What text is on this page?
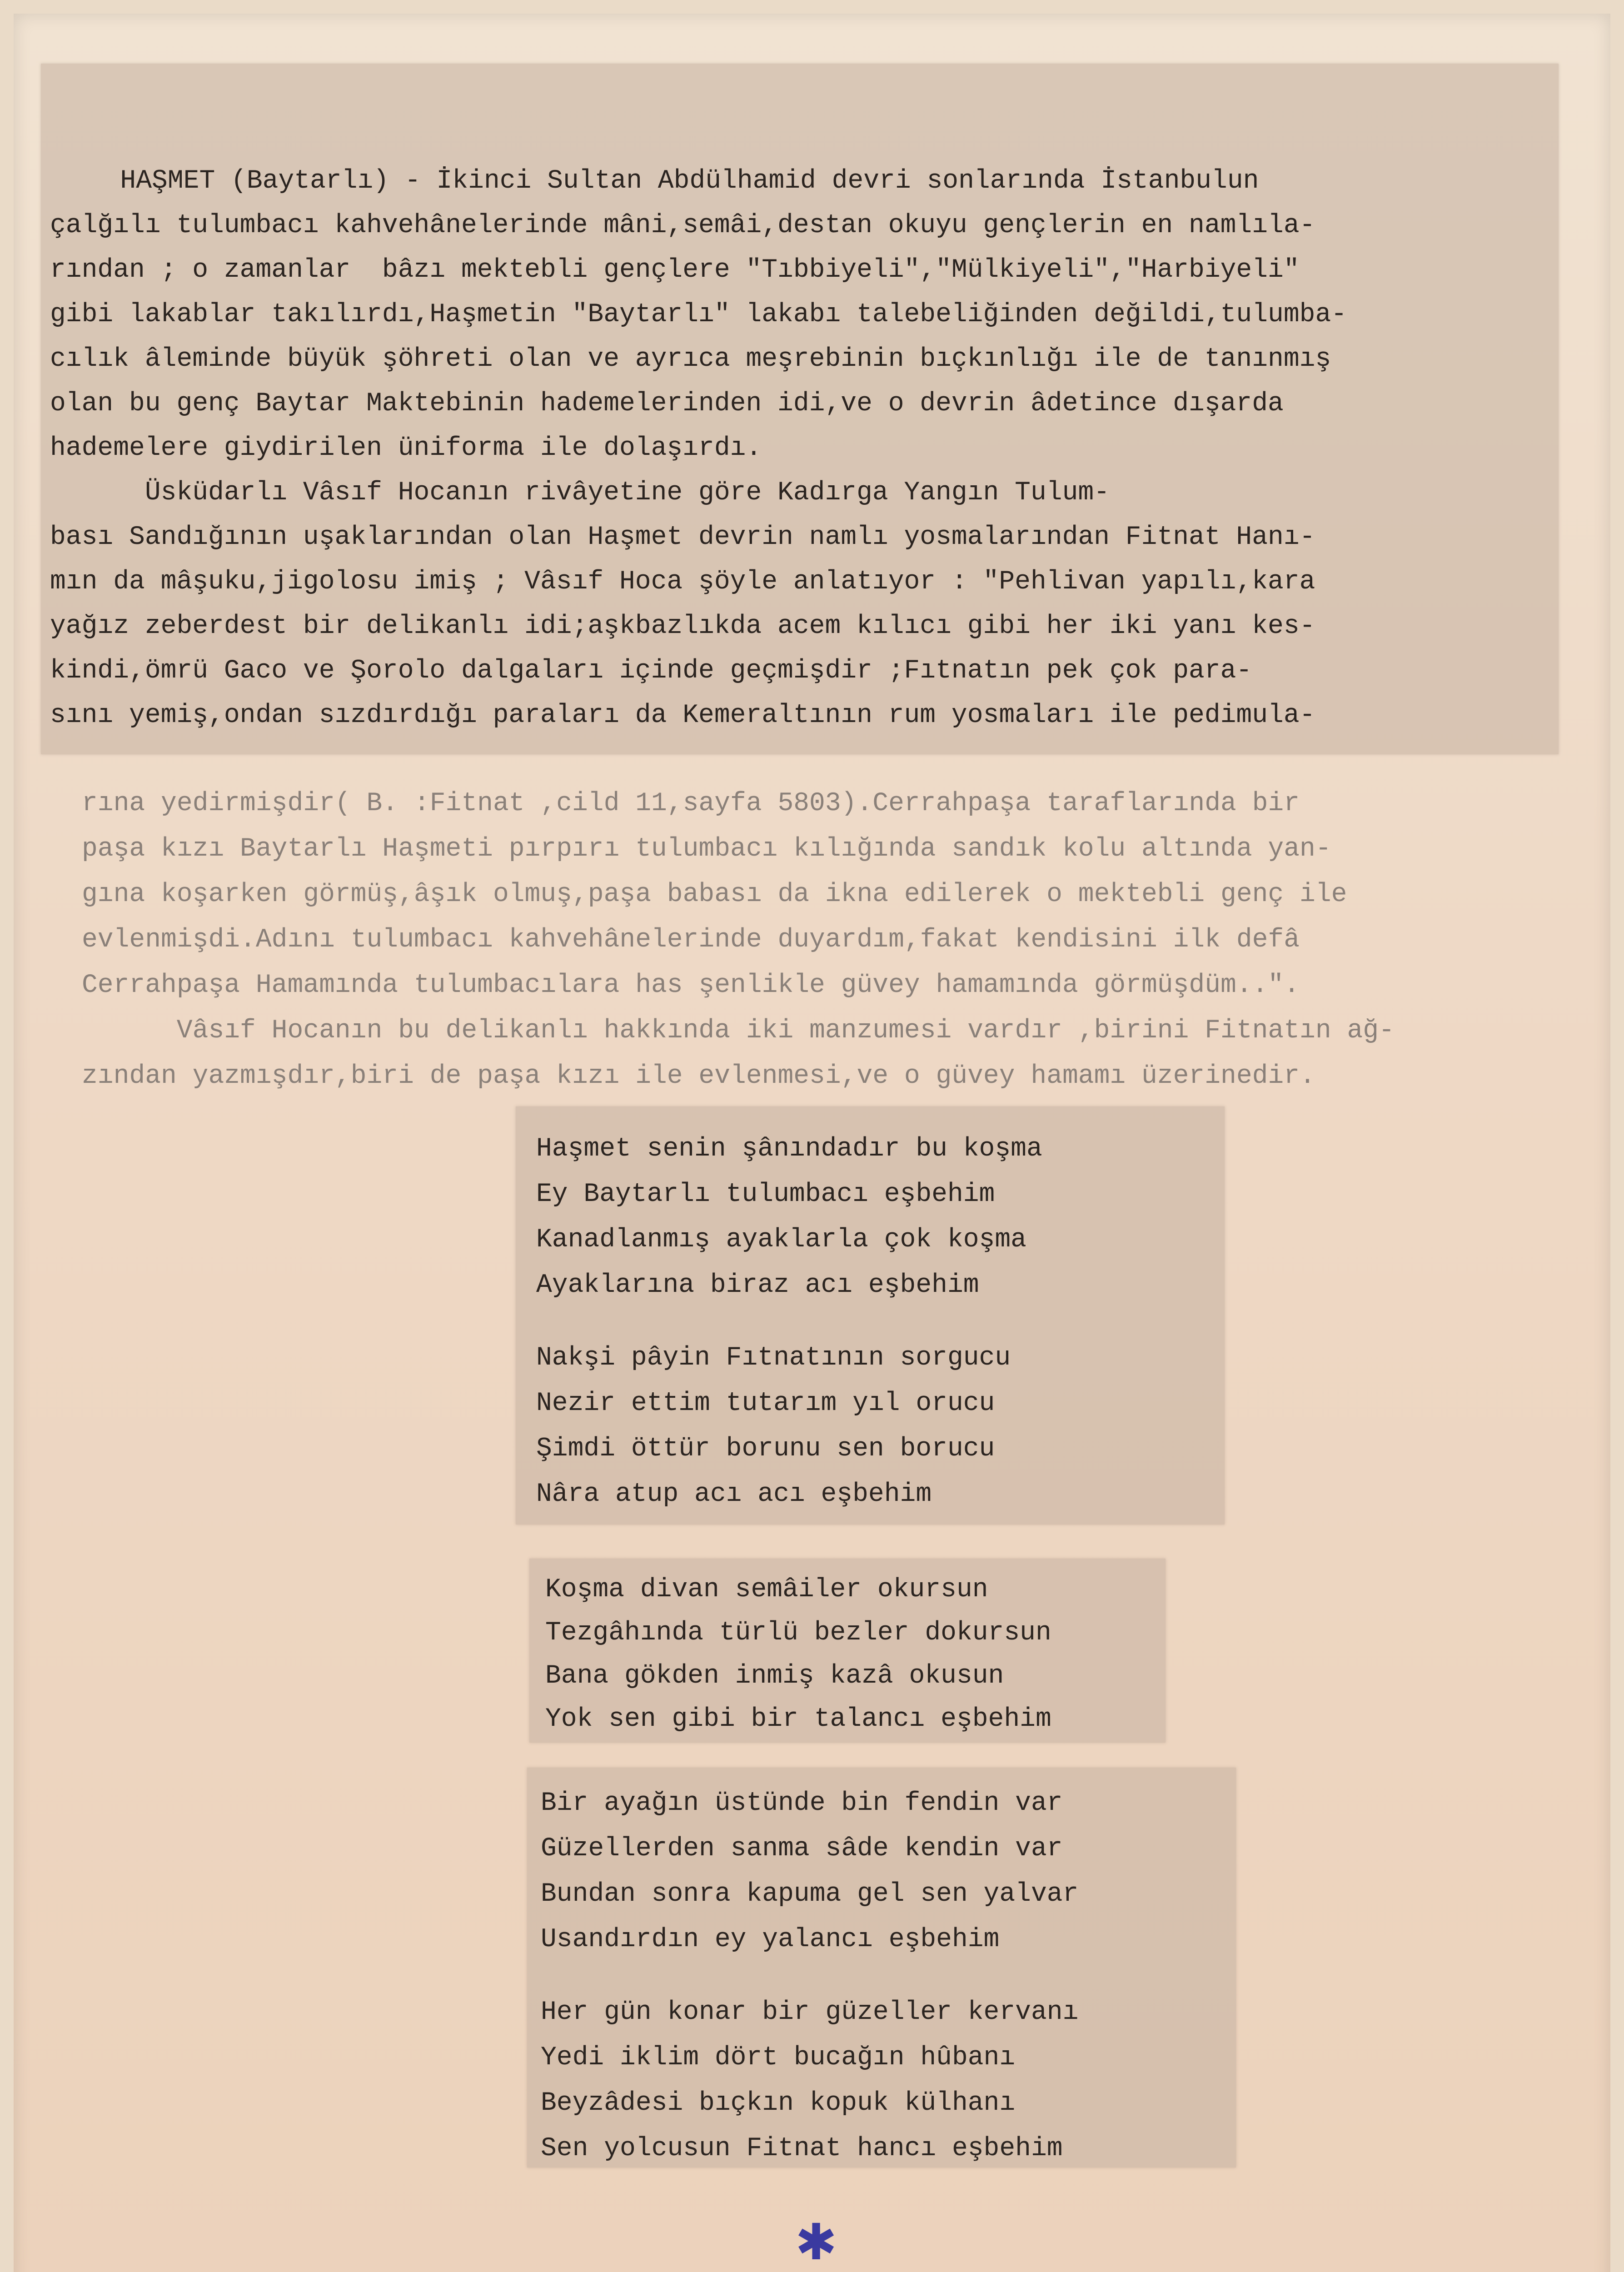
HAŞMET (Baytarlı) - İkinci Sultan Abdülhamid devri sonlarında İstanbulun
çalğılı tulumbacı kahvehânelerinde mâni,semâi,destan okuyu gençlerin en namlıla-
rından ; o zamanlar  bâzı mektebli gençlere "Tıbbiyeli","Mülkiyeli","Harbiyeli"
gibi lakablar takılırdı,Haşmetin "Baytarlı" lakabı talebeliğinden değildi,tulumba-
cılık âleminde büyük şöhreti olan ve ayrıca meşrebinin bıçkınlığı ile de tanınmış
olan bu genç Baytar Maktebinin hademelerinden idi,ve o devrin âdetince dışarda
hademelere giydirilen üniforma ile dolaşırdı.
Üsküdarlı Vâsıf Hocanın rivâyetine göre Kadırga Yangın Tulum-
bası Sandığının uşaklarından olan Haşmet devrin namlı yosmalarından Fitnat Hanı-
mın da mâşuku,jigolosu imiş ; Vâsıf Hoca şöyle anlatıyor : "Pehlivan yapılı,kara
yağız zeberdest bir delikanlı idi;aşkbazlıkda acem kılıcı gibi her iki yanı kes-
kindi,ömrü Gaco ve Şorolo dalgaları içinde geçmişdir ;Fıtnatın pek çok para-
sını yemiş,ondan sızdırdığı paraları da Kemeraltının rum yosmaları ile pedimula-
rına yedirmişdir( B. :Fitnat ,cild 11,sayfa 5803).Cerrahpaşa taraflarında bir
paşa kızı Baytarlı Haşmeti pırpırı tulumbacı kılığında sandık kolu altında yan-
gına koşarken görmüş,âşık olmuş,paşa babası da ikna edilerek o mektebli genç ile
evlenmişdi.Adını tulumbacı kahvehânelerinde duyardım,fakat kendisini ilk defâ
Cerrahpaşa Hamamında tulumbacılara has şenlikle güvey hamamında görmüşdüm..".
Vâsıf Hocanın bu delikanlı hakkında iki manzumesi vardır ,birini Fitnatın ağ-
zından yazmışdır,biri de paşa kızı ile evlenmesi,ve o güvey hamamı üzerinedir.
Haşmet senin şânındadır bu koşma
Ey Baytarlı tulumbacı eşbehim
Kanadlanmış ayaklarla çok koşma
Ayaklarına biraz acı eşbehim
Nakşi pâyin Fıtnatının sorgucu
Nezir ettim tutarım yıl orucu
Şimdi öttür borunu sen borucu
Nâra atup acı acı eşbehim
Koşma divan semâiler okursun
Tezgâhında türlü bezler dokursun
Bana gökden inmiş kazâ okusun
Yok sen gibi bir talancı eşbehim
Bir ayağın üstünde bin fendin var
Güzellerden sanma sâde kendin var
Bundan sonra kapuma gel sen yalvar
Usandırdın ey yalancı eşbehim
Her gün konar bir güzeller kervanı
Yedi iklim dört bucağın hûbanı
Beyzâdesi bıçkın kopuk külhanı
Sen yolcusun Fitnat hancı eşbehim
✱
